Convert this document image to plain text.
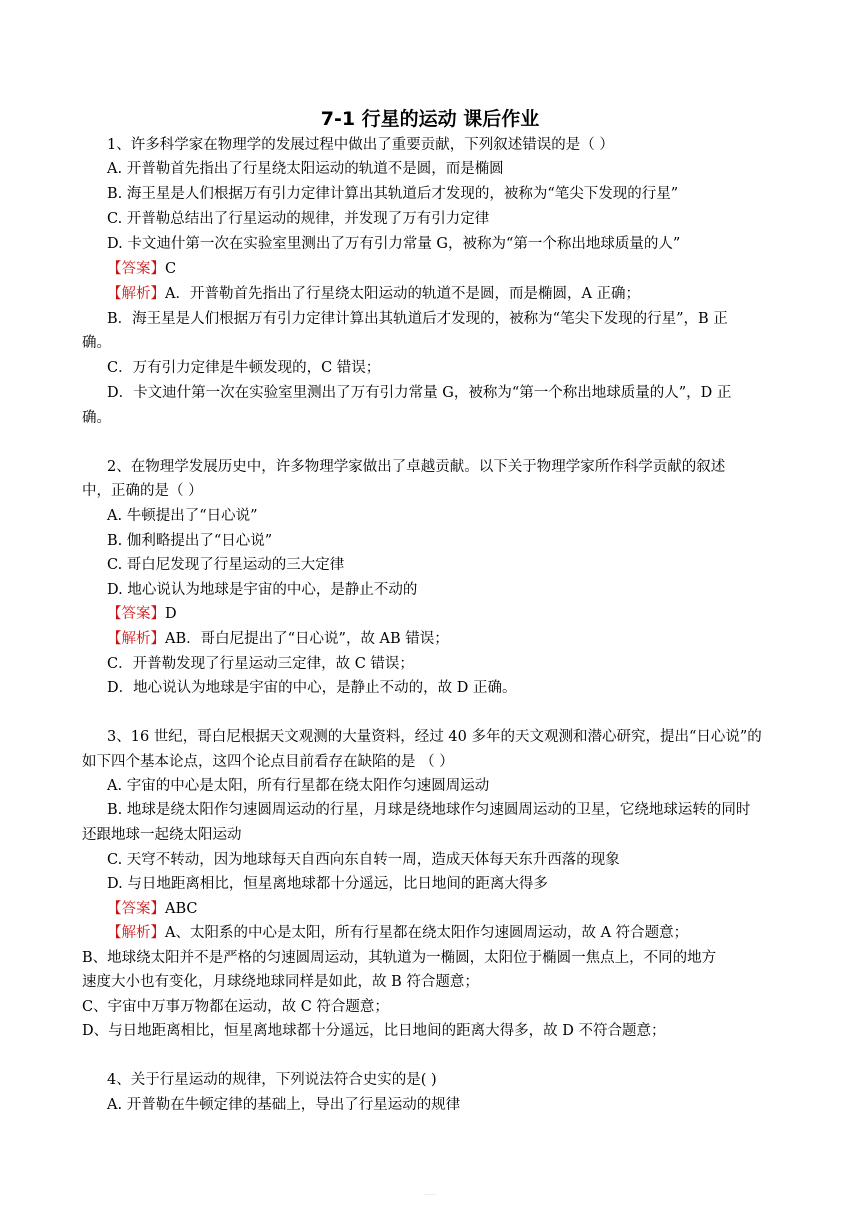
7-1 行星的运动 课后作业
1、许多科学家在物理学的发展过程中做出了重要贡献，下列叙述错误的是（ ）
A. 开普勒首先指出了行星绕太阳运动的轨道不是圆，而是椭圆
B. 海王星是人们根据万有引力定律计算出其轨道后才发现的，被称为“笔尖下发现的行星”
C. 开普勒总结出了行星运动的规律，并发现了万有引力定律
D. 卡文迪什第一次在实验室里测出了万有引力常量 G，被称为“第一个称出地球质量的人”
【答案】C
【解析】A．开普勒首先指出了行星绕太阳运动的轨道不是圆，而是椭圆，A 正确；
B．海王星是人们根据万有引力定律计算出其轨道后才发现的，被称为“笔尖下发现的行星”，B 正
确。
C．万有引力定律是牛顿发现的，C 错误；
D．卡文迪什第一次在实验室里测出了万有引力常量 G，被称为“第一个称出地球质量的人”，D 正
确。
2、在物理学发展历史中，许多物理学家做出了卓越贡献。以下关于物理学家所作科学贡献的叙述
中，正确的是（ ）
A. 牛顿提出了“日心说”
B. 伽利略提出了“日心说”
C. 哥白尼发现了行星运动的三大定律
D. 地心说认为地球是宇宙的中心，是静止不动的
【答案】D
【解析】AB．哥白尼提出了“日心说”，故 AB 错误；
C．开普勒发现了行星运动三定律，故 C 错误；
D．地心说认为地球是宇宙的中心，是静止不动的，故 D 正确。
3、16 世纪，哥白尼根据天文观测的大量资料，经过 40 多年的天文观测和潜心研究，提出“日心说”的
如下四个基本论点，这四个论点目前看存在缺陷的是 （ ）
A. 宇宙的中心是太阳，所有行星都在绕太阳作匀速圆周运动
B. 地球是绕太阳作匀速圆周运动的行星，月球是绕地球作匀速圆周运动的卫星，它绕地球运转的同时
还跟地球一起绕太阳运动
C. 天穹不转动，因为地球每天自西向东自转一周，造成天体每天东升西落的现象
D. 与日地距离相比，恒星离地球都十分遥远，比日地间的距离大得多
【答案】ABC
【解析】A、太阳系的中心是太阳，所有行星都在绕太阳作匀速圆周运动，故 A 符合题意；
B、地球绕太阳并不是严格的匀速圆周运动，其轨道为一椭圆，太阳位于椭圆一焦点上，不同的地方
速度大小也有变化，月球绕地球同样是如此，故 B 符合题意；
C、宇宙中万事万物都在运动，故 C 符合题意；
D、与日地距离相比，恒星离地球都十分遥远，比日地间的距离大得多，故 D 不符合题意；
4、关于行星运动的规律，下列说法符合史实的是( )
A. 开普勒在牛顿定律的基础上，导出了行星运动的规律
......
